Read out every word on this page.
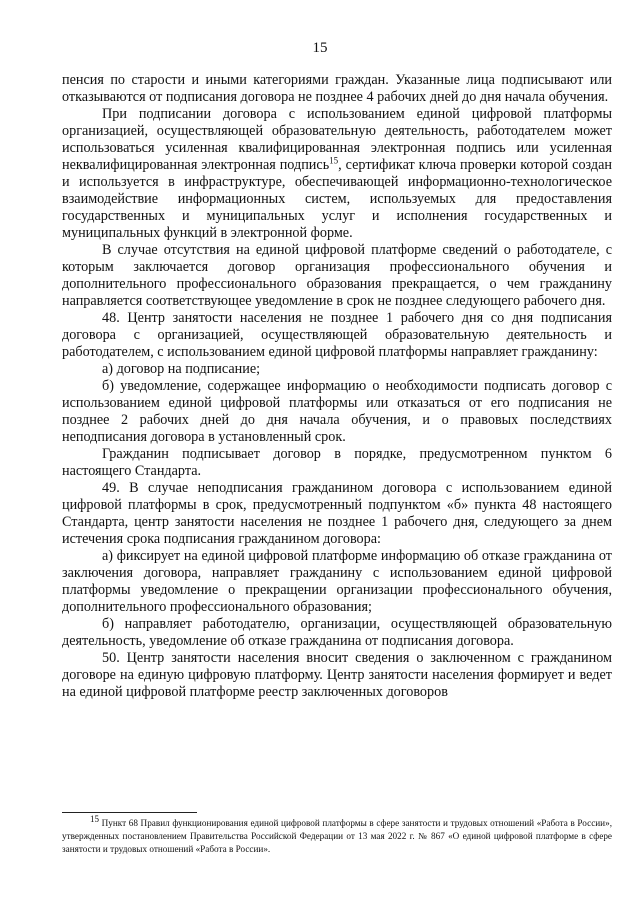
15

пенсия по старости и иными категориями граждан. Указанные лица подписывают или отказываются от подписания договора не позднее 4 рабочих дней до дня начала обучения.

При подписании договора с использованием единой цифровой платформы организацией, осуществляющей образовательную деятельность, работодателем может использоваться усиленная квалифицированная электронная подпись или усиленная неквалифицированная электронная подпись$^{15}$, сертификат ключа проверки которой создан и используется в инфраструктуре, обеспечивающей информационно-технологическое взаимодействие информационных систем, используемых для предоставления государственных и муниципальных услуг и исполнения государственных и муниципальных функций в электронной форме.

В случае отсутствия на единой цифровой платформе сведений о работодателе, с которым заключается договор организация профессионального обучения и дополнительного профессионального образования прекращается, о чем гражданину направляется соответствующее уведомление в срок не позднее следующего рабочего дня.

48. Центр занятости населения не позднее 1 рабочего дня со дня подписания договора с организацией, осуществляющей образовательную деятельность и работодателем, с использованием единой цифровой платформы направляет гражданину:

а) договор на подписание;

б) уведомление, содержащее информацию о необходимости подписать договор с использованием единой цифровой платформы или отказаться от его подписания не позднее 2 рабочих дней до дня начала обучения, и о правовых последствиях неподписания договора в установленный срок.

Гражданин подписывает договор в порядке, предусмотренном пунктом 6 настоящего Стандарта.

49. В случае неподписания гражданином договора с использованием единой цифровой платформы в срок, предусмотренный подпунктом «б» пункта 48 настоящего Стандарта, центр занятости населения не позднее 1 рабочего дня, следующего за днем истечения срока подписания гражданином договора:

а) фиксирует на единой цифровой платформе информацию об отказе гражданина от заключения договора, направляет гражданину с использованием единой цифровой платформы уведомление о прекращении организации профессионального обучения, дополнительного профессионального образования;

б) направляет работодателю, организации, осуществляющей образовательную деятельность, уведомление об отказе гражданина от подписания договора.

50. Центр занятости населения вносит сведения о заключенном с гражданином договоре на единую цифровую платформу. Центр занятости населения формирует и ведет на единой цифровой платформе реестр заключенных договоров

$^{15}$ Пункт 68 Правил функционирования единой цифровой платформы в сфере занятости и трудовых отношений «Работа в России», утвержденных постановлением Правительства Российской Федерации от 13 мая 2022 г. № 867 «О единой цифровой платформе в сфере занятости и трудовых отношений «Работа в России».
